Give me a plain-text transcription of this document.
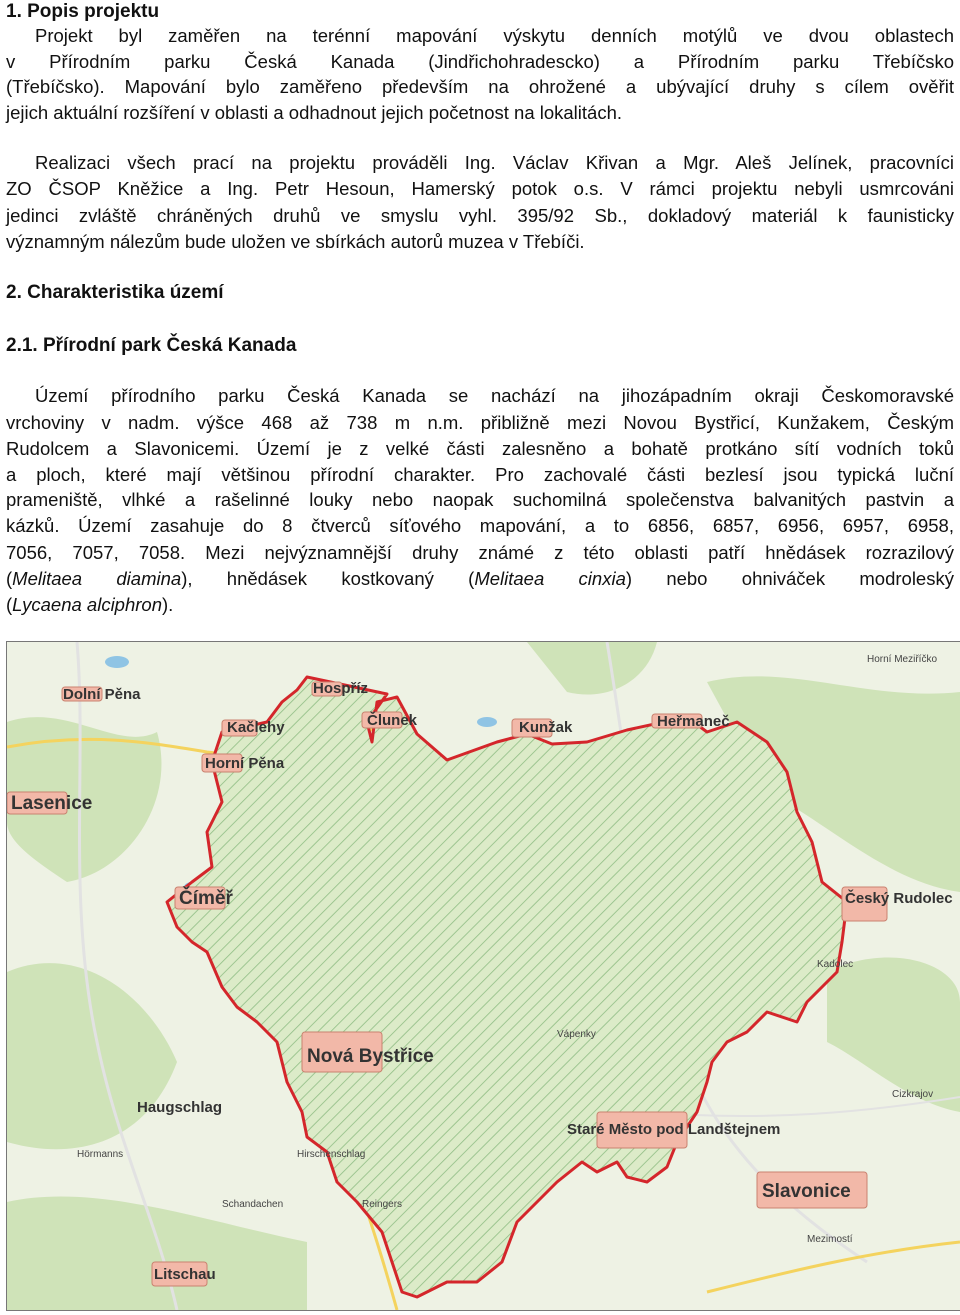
1. Popis projektu
Projekt byl zaměřen na terénní mapování výskytu denních motýlů ve dvou oblastech
v Přírodním parku Česká Kanada (Jindřichohradescko) a Přírodním parku Třebíčsko
(Třebíčsko). Mapování bylo zaměřeno především na ohrožené a ubývající druhy s cílem ověřit
jejich aktuální rozšíření v oblasti a odhadnout jejich početnost na lokalitách.
Realizaci všech prací na projektu prováděli Ing. Václav Křivan a Mgr. Aleš Jelínek, pracovníci
ZO ČSOP Kněžice a Ing. Petr Hesoun, Hamerský potok o.s. V rámci projektu nebyli usmrcováni
jedinci zvláště chráněných druhů ve smyslu vyhl. 395/92 Sb., dokladový materiál k faunisticky
významným nálezům bude uložen ve sbírkách autorů muzea v Třebíči.
2. Charakteristika území
2.1. Přírodní park Česká Kanada
Území přírodního parku Česká Kanada se nachází na jihozápadním okraji Českomoravské
vrchoviny v nadm. výšce 468 až 738 m n.m. přibližně mezi Novou Bystřicí, Kunžakem, Českým
Rudolcem a Slavonicemi. Území je z velké části zalesněno a bohatě protkáno sítí vodních toků
a ploch, které mají většinou přírodní charakter. Pro zachovalé části bezlesí jsou typická luční
prameniště, vlhké a rašelinné louky nebo naopak suchomilná společenstva balvanitých pastvin a
kázků. Území zasahuje do 8 čtverců síťového mapování, a to 6856, 6857, 6956, 6957, 6958,
7056, 7057, 7058. Mezi nejvýznamnější druhy známé z této oblasti patří hnědásek rozrazilový
(Melitaea diamina), hnědásek kostkovaný (Melitaea cinxia) nebo ohniváček modroleský
(Lycaena alciphron).
Hospříz
Dolní Pěna
Kačlehy
Horní Pěna
Člunek	Kunžak	Heřmaneč
Lasenice
Číměř	Český Rudolec
Nová Bystřice
Haugschlag
Staré Město pod Landštejnem
Slavonice
Litschau
Kadolec
Cizkrajov
Mezimostí
Horní Meziříčko
Vápenky
Reingers
Hirschenschlag
Schandachen
Hörmanns
